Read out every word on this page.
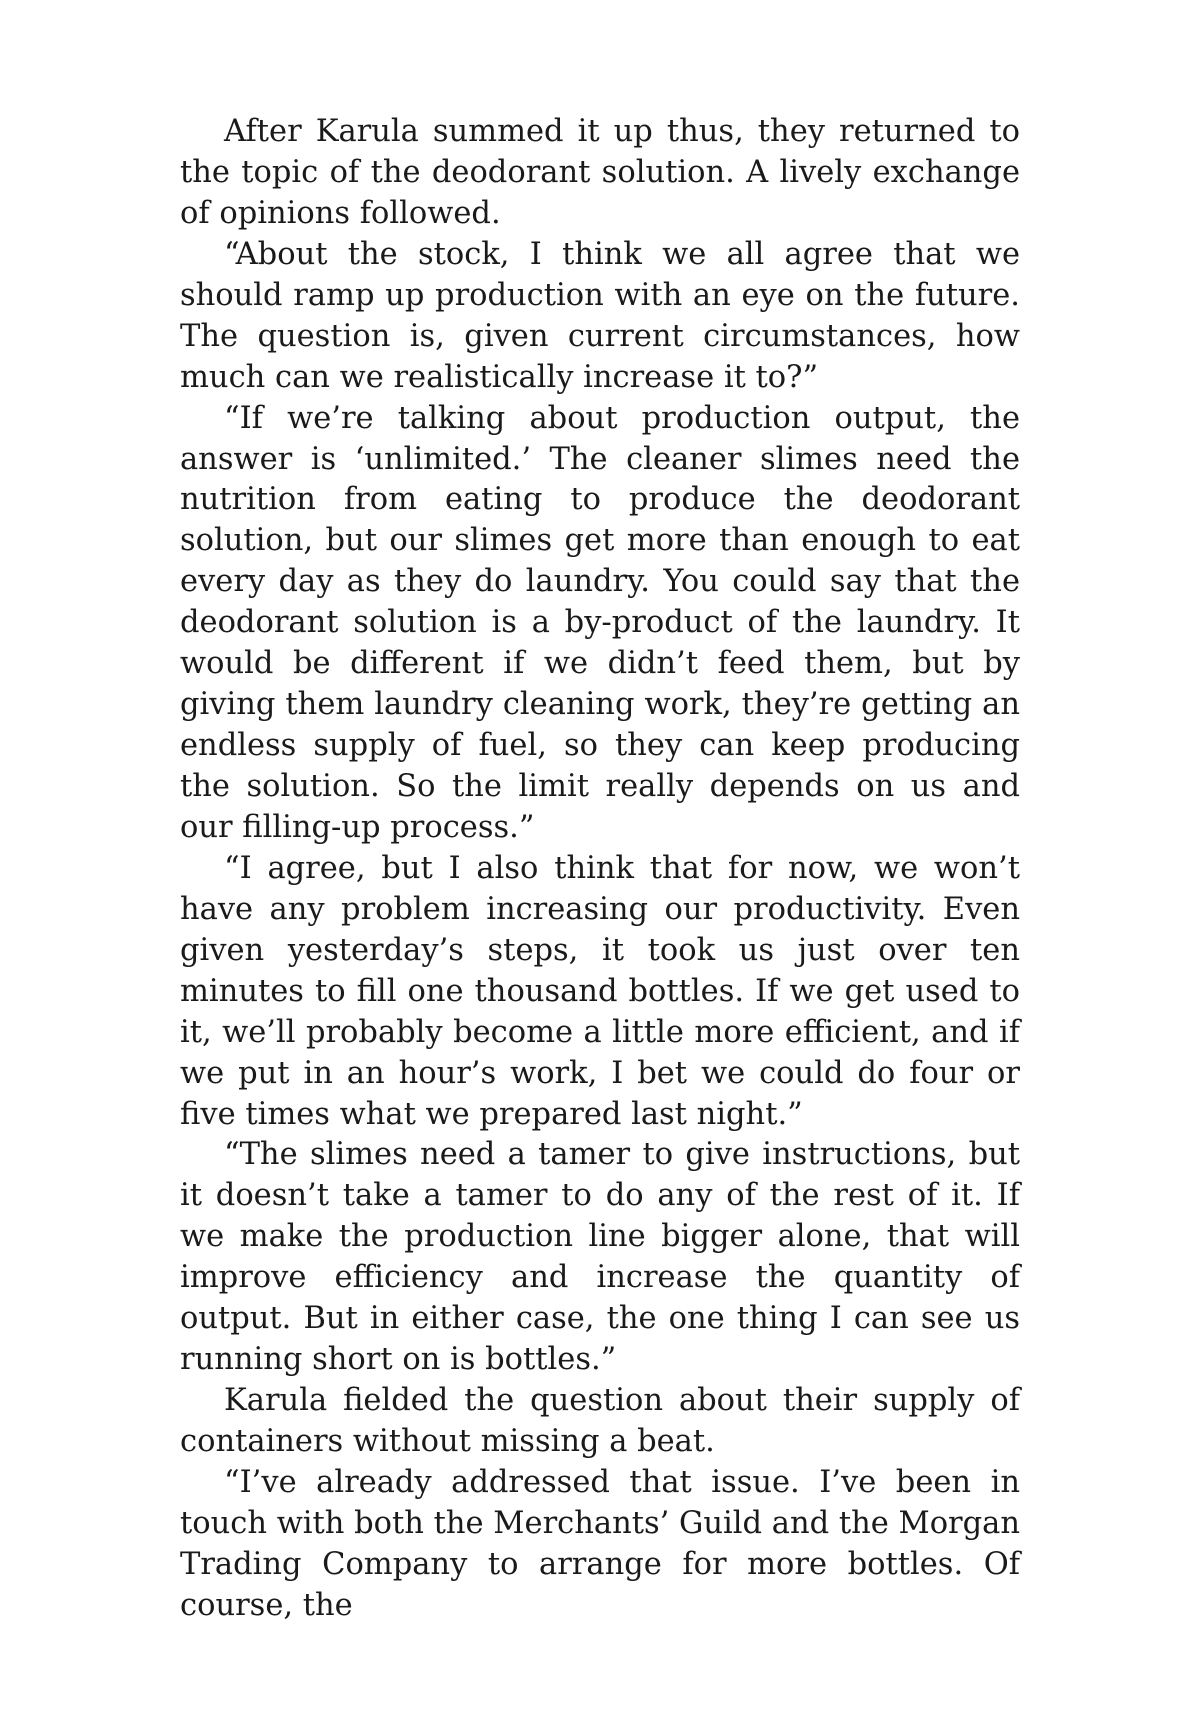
After Karula summed it up thus, they returned to the topic of the deodorant solution. A lively exchange of opinions followed.

“About the stock, I think we all agree that we should ramp up production with an eye on the future. The question is, given current circumstances, how much can we realistically increase it to?”

“If we’re talking about production output, the answer is ‘unlimited.’ The cleaner slimes need the nutrition from eating to produce the deodorant solution, but our slimes get more than enough to eat every day as they do laundry. You could say that the deodorant solution is a by-product of the laundry. It would be different if we didn’t feed them, but by giving them laundry cleaning work, they’re getting an endless supply of fuel, so they can keep producing the solution. So the limit really depends on us and our filling-up process.”

“I agree, but I also think that for now, we won’t have any problem increasing our productivity. Even given yesterday’s steps, it took us just over ten minutes to fill one thousand bottles. If we get used to it, we’ll probably become a little more efficient, and if we put in an hour’s work, I bet we could do four or five times what we prepared last night.”

“The slimes need a tamer to give instructions, but it doesn’t take a tamer to do any of the rest of it. If we make the production line bigger alone, that will improve efficiency and increase the quantity of output. But in either case, the one thing I can see us running short on is bottles.”

Karula fielded the question about their supply of containers without missing a beat.

“I’ve already addressed that issue. I’ve been in touch with both the Merchants’ Guild and the Morgan Trading Company to arrange for more bottles. Of course, the
